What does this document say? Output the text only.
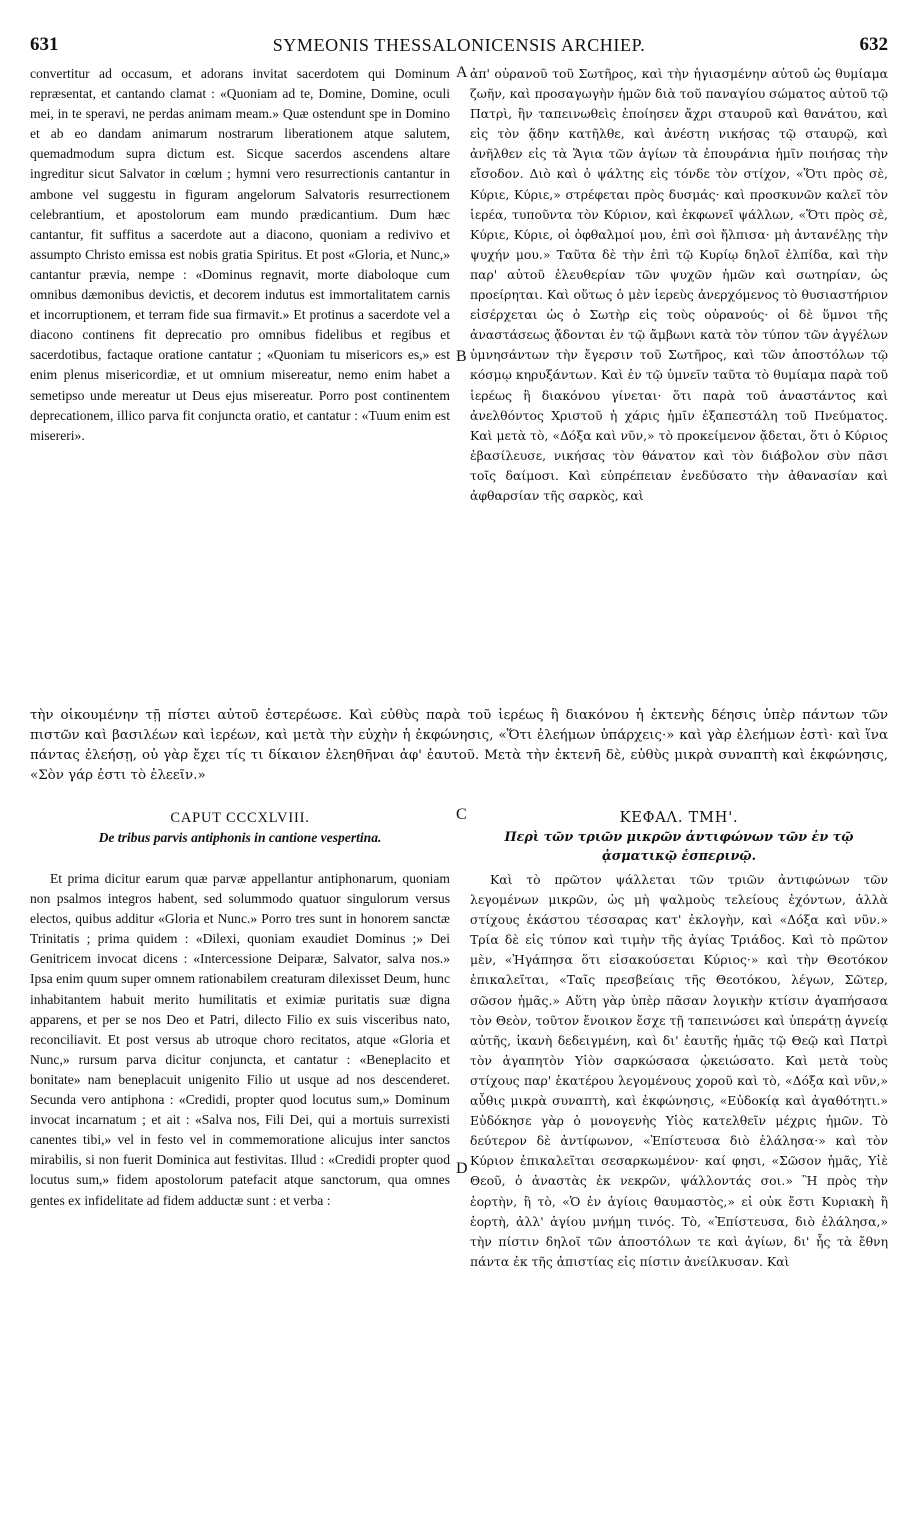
631	SYMEONIS THESSALONICENSIS ARCHIEP.	632

convertitur ad occasum, et adorans invitat sacerdotem qui Dominum repræsentat, et cantando clamat : «Quoniam ad te, Domine, Domine, oculi mei, in te speravi, ne perdas animam meam.» Quæ ostendunt spe in Domino et ab eo dandam animarum nostrarum liberationem atque salutem, quemadmodum supra dictum est. Sicque sacerdos ascendens altare ingreditur sicut Salvator in cœlum ; hymni vero resurrectionis cantantur in ambone vel suggestu in figuram angelorum Salvatoris resurrectionem celebrantium, et apostolorum eam mundo prædicantium. Dum hæc cantantur, fit suffitus a sacerdote aut a diacono, quoniam a redivivo et assumpto Christo emissa est nobis gratia Spiritus. Et post «Gloria, et Nunc,» cantantur prævia, nempe : «Dominus regnavit, morte diaboloque cum omnibus dæmonibus devictis, et decorem indutus est immortalitatem carnis et incorruptionem, et terram fide sua firmavit.» Et protinus a sacerdote vel a diacono continens fit deprecatio pro omnibus fidelibus et regibus et sacerdotibus, factaque oratione cantatur ; «Quoniam tu misericors es,» est enim plenus misericordiæ, et ut omnium misereatur, nemo enim habet a semetipso unde mereatur ut Deus ejus misereatur. Porro post continentem deprecationem, illico parva fit conjuncta oratio, et cantatur : «Tuum enim est misereri».

A
B

ἀπ' οὐρανοῦ τοῦ Σωτῆρος, καὶ τὴν ἡγιασμένην αὐτοῦ ὡς θυμίαμα ζωῆν, καὶ προσαγωγὴν ἡμῶν διὰ τοῦ παναγίου σώματος αὐτοῦ τῷ Πατρὶ, ἣν ταπεινωθεὶς ἐποίησεν ἄχρι σταυροῦ καὶ θανάτου, καὶ εἰς τὸν ᾅδην κατῆλθε, καὶ ἀνέστη νικήσας τῷ σταυρῷ, καὶ ἀνῆλθεν εἰς τὰ Ἅγια τῶν ἁγίων τὰ ἐπουράνια ἡμῖν ποιήσας τὴν εἴσοδον. Διὸ καὶ ὁ ψάλτης εἰς τόνδε τὸν στίχον, «Ὅτι πρὸς σὲ, Κύριε, Κύριε,» στρέφεται πρὸς δυσμάς· καὶ προσκυνῶν καλεῖ τὸν ἱερέα, τυποῦντα τὸν Κύριον, καὶ ἐκφωνεῖ ψάλλων, «Ὅτι πρὸς σὲ, Κύριε, Κύριε, οἱ ὀφθαλμοί μου, ἐπὶ σοὶ ἤλπισα· μὴ ἀντανέλῃς τὴν ψυχήν μου.» Ταῦτα δὲ τὴν ἐπὶ τῷ Κυρίῳ δηλοῖ ἐλπίδα, καὶ τὴν παρ' αὐτοῦ ἐλευθερίαν τῶν ψυχῶν ἡμῶν καὶ σωτηρίαν, ὡς προείρηται. Καὶ οὕτως ὁ μὲν ἱερεὺς ἀνερχόμενος τὸ θυσιαστήριον εἰσέρχεται ὡς ὁ Σωτὴρ εἰς τοὺς οὐρανούς· οἱ δὲ ὕμνοι τῆς ἀναστάσεως ᾄδονται ἐν τῷ ἄμβωνι κατὰ τὸν τύπον τῶν ἀγγέλων ὑμνησάντων τὴν ἔγερσιν τοῦ Σωτῆρος, καὶ τῶν ἀποστόλων τῷ κόσμῳ κηρυξάντων. Καὶ ἐν τῷ ὑμνεῖν ταῦτα τὸ θυμίαμα παρὰ τοῦ ἱερέως ἢ διακόνου γίνεται· ὅτι παρὰ τοῦ ἀναστάντος καὶ ἀνελθόντος Χριστοῦ ἡ χάρις ἡμῖν ἐξαπεστάλη τοῦ Πνεύματος. Καὶ μετὰ τὸ, «Δόξα καὶ νῦν,» τὸ προκείμενον ᾄδεται, ὅτι ὁ Κύριος ἐβασίλευσε, νικήσας τὸν θάνατον καὶ τὸν διάβολον σὺν πᾶσι τοῖς δαίμοσι. Καὶ εὐπρέπειαν ἐνεδύσατο τὴν ἀθανασίαν καὶ ἀφθαρσίαν τῆς σαρκὸς, καὶ

τὴν οἰκουμένην τῇ πίστει αὐτοῦ ἐστερέωσε. Καὶ εὐθὺς παρὰ τοῦ ἱερέως ἢ διακόνου ἡ ἐκτενὴς δέησις ὑπὲρ πάντων τῶν πιστῶν καὶ βασιλέων καὶ ἱερέων, καὶ μετὰ τὴν εὐχὴν ἡ ἐκφώνησις, «Ὅτι ἐλεήμων ὑπάρχεις·» καὶ γὰρ ἐλεήμων ἐστὶ· καὶ ἵνα πάντας ἐλεήσῃ, οὐ γὰρ ἔχει τίς τι δίκαιον ἐλεηθῆναι ἀφ' ἑαυτοῦ. Μετὰ τὴν ἐκτενῆ δὲ, εὐθὺς μικρὰ συναπτὴ καὶ ἐκφώνησις, «Σὸν γάρ ἐστι τὸ ἐλεεῖν.»

C
D

CAPUT CCCXLVIII.

De tribus parvis antiphonis in cantione vespertina.

Et prima dicitur earum quæ parvæ appellantur antiphonarum, quoniam non psalmos integros habent, sed solummodo quatuor singulorum versus electos, quibus additur «Gloria et Nunc.» Porro tres sunt in honorem sanctæ Trinitatis ; prima quidem : «Dilexi, quoniam exaudiet Dominus ;» Dei Genitricem invocat dicens : «Intercessione Deiparæ, Salvator, salva nos.» Ipsa enim quum super omnem rationabilem creaturam dilexisset Deum, hunc inhabitantem habuit merito humilitatis et eximiæ puritatis suæ digna apparens, et per se nos Deo et Patri, dilecto Filio ex suis visceribus nato, reconciliavit. Et post versus ab utroque choro recitatos, atque «Gloria et Nunc,» rursum parva dicitur conjuncta, et cantatur : «Beneplacito et bonitate» nam beneplacuit unigenito Filio ut usque ad nos descenderet. Secunda vero antiphona : «Credidi, propter quod locutus sum,» Dominum invocat incarnatum ; et ait : «Salva nos, Fili Dei, qui a mortuis surrexisti canentes tibi,» vel in festo vel in commemoratione alicujus inter sanctos mirabilis, si non fuerit Dominica aut festivitas. Illud : «Credidi propter quod locutus sum,» fidem apostolorum patefacit atque sanctorum, qua omnes gentes ex infidelitate ad fidem adductæ sunt : et verba :

ΚΕΦΑΛ. ΤΜΗ'.

Περὶ τῶν τριῶν μικρῶν ἀντιφώνων τῶν ἐν τῷ ᾀσματικῷ ἑσπερινῷ.

Καὶ τὸ πρῶτον ψάλλεται τῶν τριῶν ἀντιφώνων τῶν λεγομένων μικρῶν, ὡς μὴ ψαλμοὺς τελείους ἐχόντων, ἀλλὰ στίχους ἑκάστου τέσσαρας κατ' ἐκλογὴν, καὶ «Δόξα καὶ νῦν.» Τρία δὲ εἰς τύπον καὶ τιμὴν τῆς ἁγίας Τριάδος. Καὶ τὸ πρῶτον μὲν, «Ἠγάπησα ὅτι εἰσακούσεται Κύριος·» καὶ τὴν Θεοτόκον ἐπικαλεῖται, «Ταῖς πρεσβείαις τῆς Θεοτόκου, λέγων, Σῶτερ, σῶσον ἡμᾶς.» Αὕτη γὰρ ὑπὲρ πᾶσαν λογικὴν κτίσιν ἀγαπήσασα τὸν Θεὸν, τοῦτον ἔνοικον ἔσχε τῇ ταπεινώσει καὶ ὑπεράτῃ ἁγνείᾳ αὐτῆς, ἱκανὴ δεδειγμένη, καὶ δι' ἑαυτῆς ἡμᾶς τῷ Θεῷ καὶ Πατρὶ τὸν ἀγαπητὸν Υἱὸν σαρκώσασα ᾠκειώσατο. Καὶ μετὰ τοὺς στίχους παρ' ἑκατέρου λεγομένους χοροῦ καὶ τὸ, «Δόξα καὶ νῦν,» αὖθις μικρὰ συναπτὴ, καὶ ἐκφώνησις, «Εὐδοκίᾳ καὶ ἀγαθότητι.» Εὐδόκησε γὰρ ὁ μονογενὴς Υἱὸς κατελθεῖν μέχρις ἡμῶν. Τὸ δεύτερον δὲ ἀντίφωνον, «Ἐπίστευσα διὸ ἐλάλησα·» καὶ τὸν Κύριον ἐπικαλεῖται σεσαρκωμένον· καί φησι, «Σῶσον ἡμᾶς, Υἱὲ Θεοῦ, ὁ ἀναστὰς ἐκ νεκρῶν, ψάλλοντάς σοι.» Ἢ πρὸς τὴν ἑορτὴν, ἢ τὸ, «Ὁ ἐν ἁγίοις θαυμαστὸς,» εἰ οὐκ ἔστι Κυριακὴ ἢ ἑορτὴ, ἀλλ' ἁγίου μνήμη τινός. Τὸ, «Ἐπίστευσα, διὸ ἐλάλησα,» τὴν πίστιν δηλοῖ τῶν ἀποστόλων τε καὶ ἁγίων, δι' ἧς τὰ ἔθνη πάντα ἐκ τῆς ἀπιστίας εἰς πίστιν ἀνείλκυσαν. Καὶ
